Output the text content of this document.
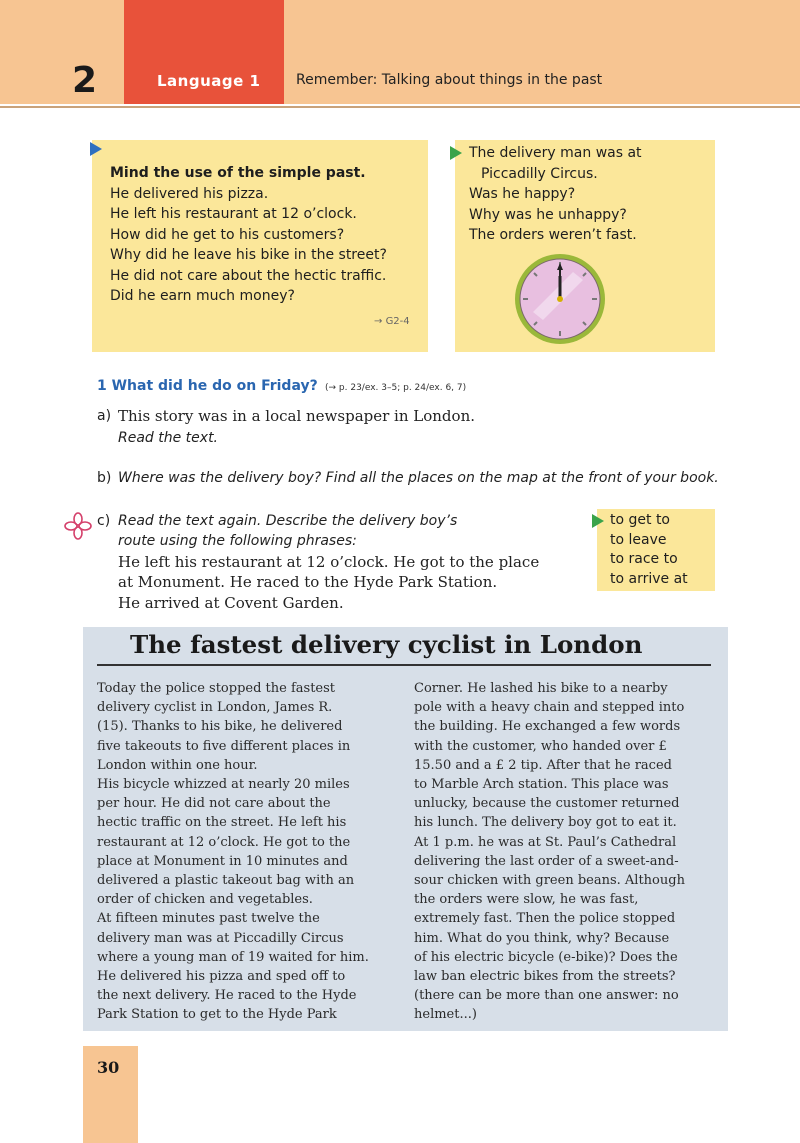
2	Language 1	Remember: Talking about things in the past
Mind the use of the simple past.
He delivered his pizza.
He left his restaurant at 12 o’clock.
How did he get to his customers?
Why did he leave his bike in the street?
He did not care about the hectic traffic.
Did he earn much money?
→ G2-4
The delivery man was at
Piccadilly Circus.
Was he happy?
Why was he unhappy?
The orders weren’t fast.
1 What did he do on Friday? (→ p. 23/ex. 3–5; p. 24/ex. 6, 7)
a) This story was in a local newspaper in London.
Read the text.
b) Where was the delivery boy? Find all the places on the map at the front of your book.
c) Read the text again. Describe the delivery boy’s
route using the following phrases:
He left his restaurant at 12 o’clock. He got to the place
at Monument. He raced to the Hyde Park Station.
He arrived at Covent Garden.
to get to
to leave
to race to
to arrive at
The fastest delivery cyclist in London
Today the police stopped the fastest
delivery cyclist in London, James R.
(15). Thanks to his bike, he delivered
five takeouts to five different places in
London within one hour.
His bicycle whizzed at nearly 20 miles
per hour. He did not care about the
hectic traffic on the street. He left his
restaurant at 12 o’clock. He got to the
place at Monument in 10 minutes and
delivered a plastic takeout bag with an
order of chicken and vegetables.
At fifteen minutes past twelve the
delivery man was at Piccadilly Circus
where a young man of 19 waited for him.
He delivered his pizza and sped off to
the next delivery. He raced to the Hyde
Park Station to get to the Hyde Park
Corner. He lashed his bike to a nearby
pole with a heavy chain and stepped into
the building. He exchanged a few words
with the customer, who handed over £
15.50 and a £ 2 tip. After that he raced
to Marble Arch station. This place was
unlucky, because the customer returned
his lunch. The delivery boy got to eat it.
At 1 p.m. he was at St. Paul’s Cathedral
delivering the last order of a sweet-and-
sour chicken with green beans. Although
the orders were slow, he was fast,
extremely fast. Then the police stopped
him. What do you think, why? Because
of his electric bicycle (e-bike)? Does the
law ban electric bikes from the streets?
(there can be more than one answer: no
helmet...)
30
